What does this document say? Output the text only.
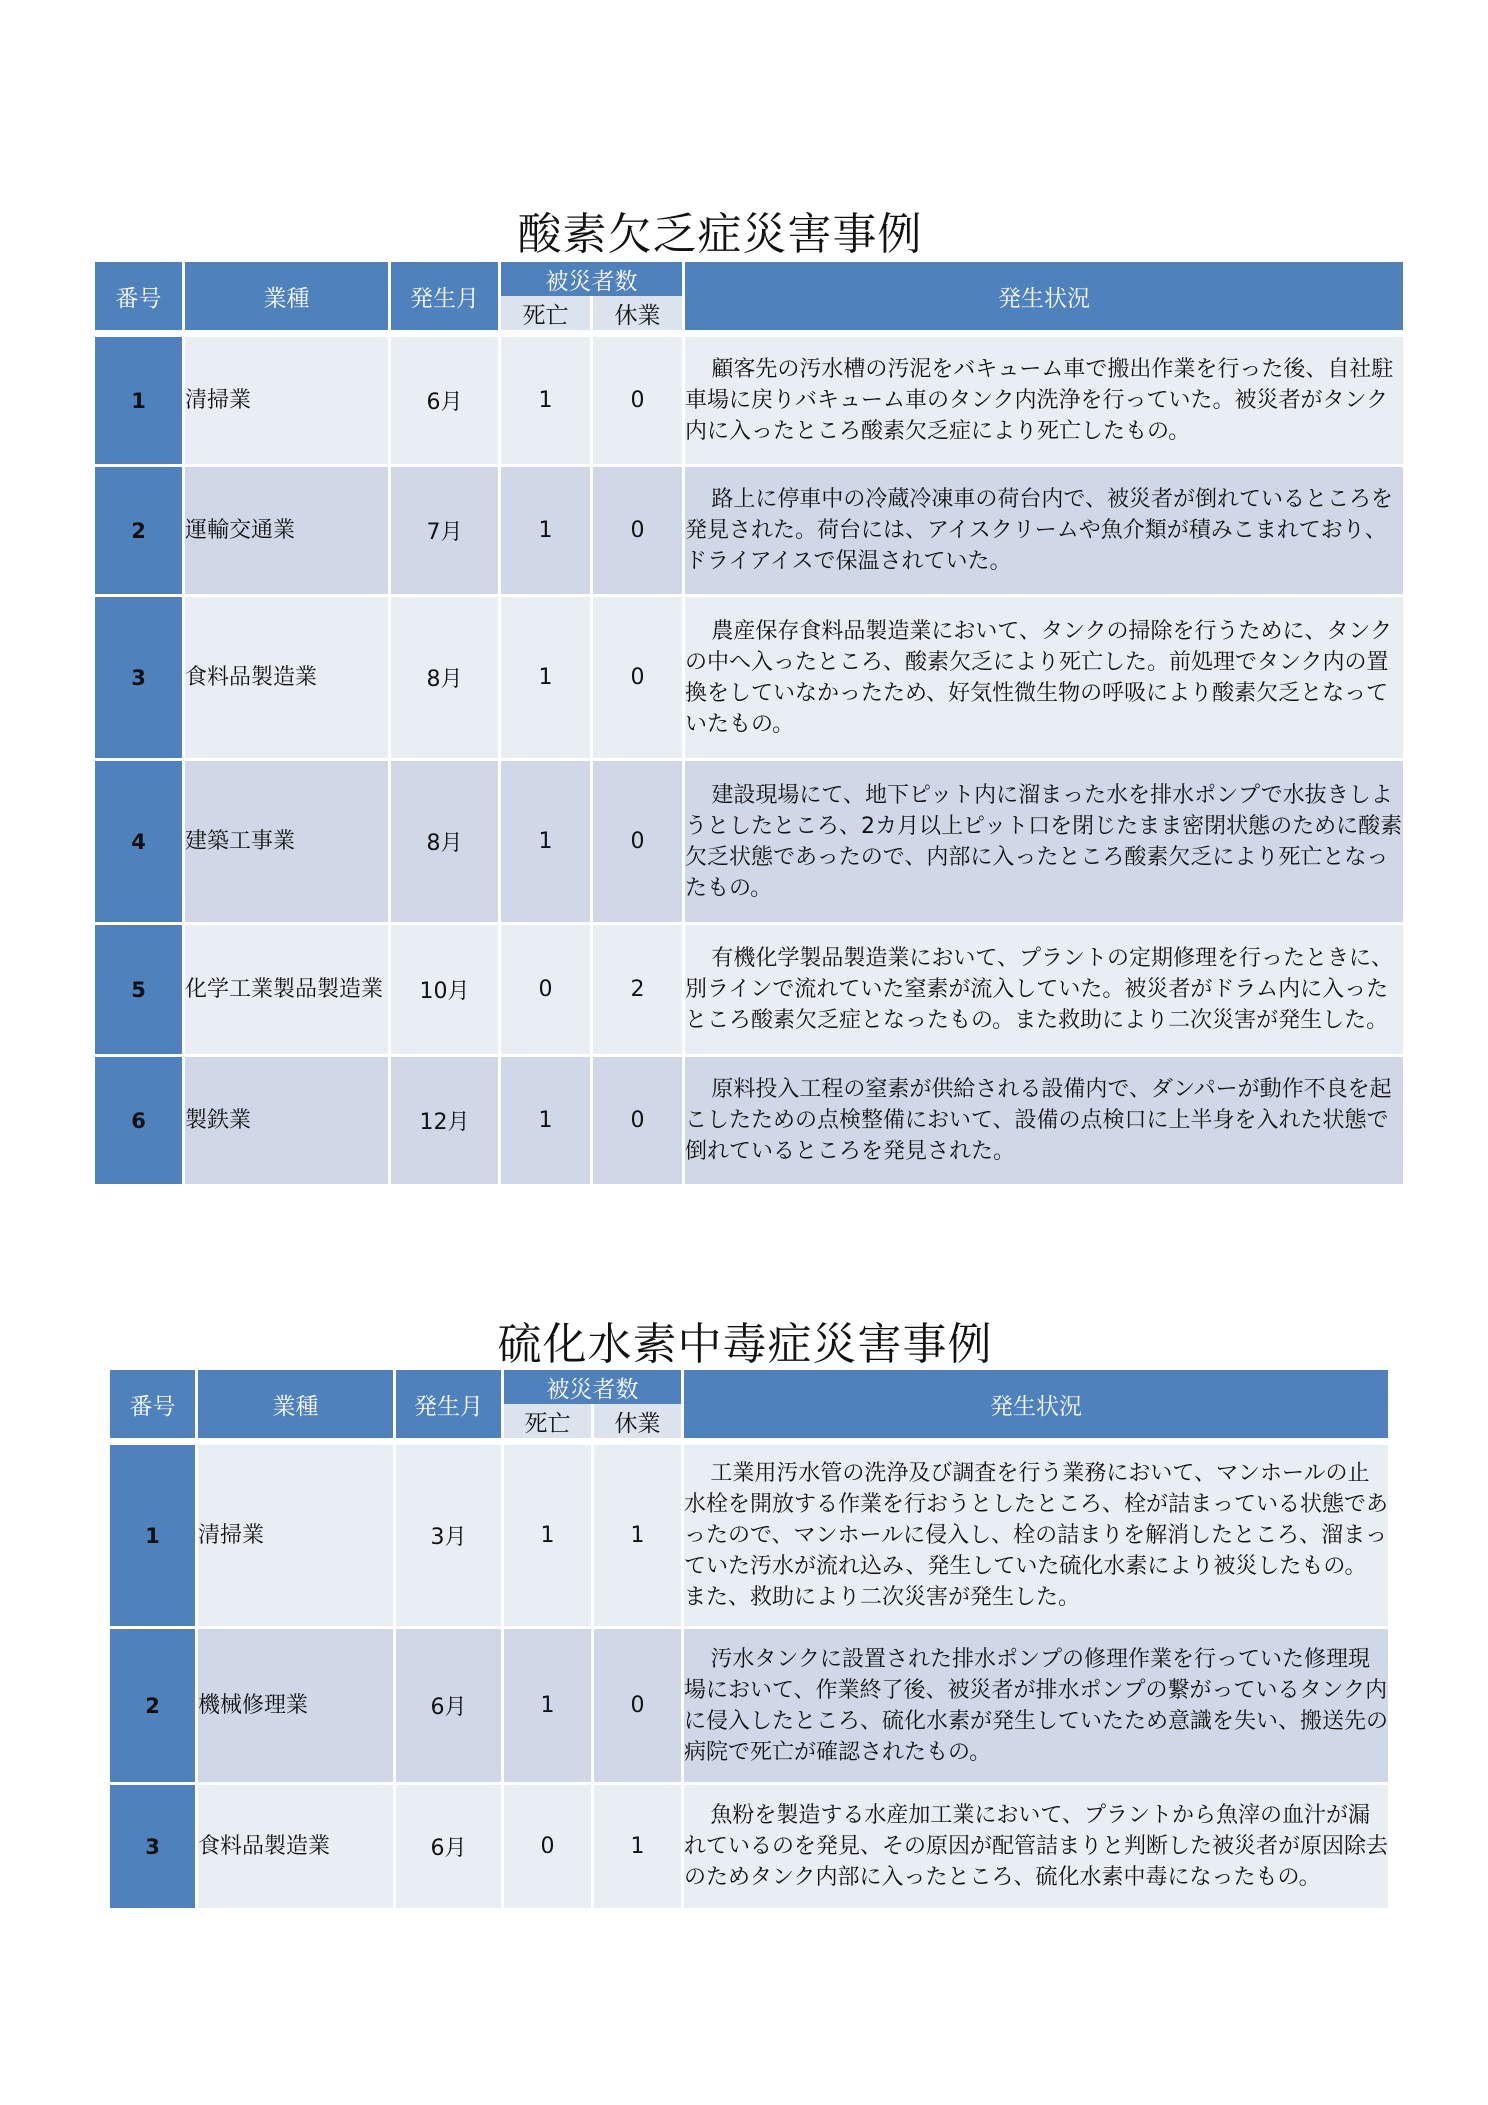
酸素欠乏症災害事例
番号	業種	発生月	被災者数		発生状況
			死亡	休業	

1	清掃業	6月	1	0	顧客先の汚水槽の汚泥をバキューム車で搬出作業を行った後、自社駐車場に戻りバキューム車のタンク内洗浄を行っていた。被災者がタンク内に入ったところ酸素欠乏症により死亡したもの。

2	運輸交通業	7月	1	0	路上に停車中の冷蔵冷凍車の荷台内で、被災者が倒れているところを発見された。荷台には、アイスクリームや魚介類が積みこまれており、ドライアイスで保温されていた。

3	食料品製造業	8月	1	0	農産保存食料品製造業において、タンクの掃除を行うために、タンクの中へ入ったところ、酸素欠乏により死亡した。前処理でタンク内の置換をしていなかったため、好気性微生物の呼吸により酸素欠乏となっていたもの。

4	建築工事業	8月	1	0	建設現場にて、地下ピット内に溜まった水を排水ポンプで水抜きしようとしたところ、2カ月以上ピット口を閉じたまま密閉状態のために酸素欠乏状態であったので、内部に入ったところ酸素欠乏により死亡となったもの。

5	化学工業製品製造業	10月	0	2	有機化学製品製造業において、プラントの定期修理を行ったときに、別ラインで流れていた窒素が流入していた。被災者がドラム内に入ったところ酸素欠乏症となったもの。また救助により二次災害が発生した。

6	製鉄業	12月	1	0	原料投入工程の窒素が供給される設備内で、ダンパーが動作不良を起こしたための点検整備において、設備の点検口に上半身を入れた状態で倒れているところを発見された。
硫化水素中毒症災害事例
番号	業種	発生月	被災者数		発生状況
			死亡	休業	

1	清掃業	3月	1	1	工業用汚水管の洗浄及び調査を行う業務において、マンホールの止水栓を開放する作業を行おうとしたところ、栓が詰まっている状態であったので、マンホールに侵入し、栓の詰まりを解消したところ、溜まっていた汚水が流れ込み、発生していた硫化水素により被災したもの。また、救助により二次災害が発生した。

2	機械修理業	6月	1	0	汚水タンクに設置された排水ポンプの修理作業を行っていた修理現場において、作業終了後、被災者が排水ポンプの繋がっているタンク内に侵入したところ、硫化水素が発生していたため意識を失い、搬送先の病院で死亡が確認されたもの。

3	食料品製造業	6月	0	1	魚粉を製造する水産加工業において、プラントから魚滓の血汁が漏れているのを発見、その原因が配管詰まりと判断した被災者が原因除去のためタンク内部に入ったところ、硫化水素中毒になったもの。
